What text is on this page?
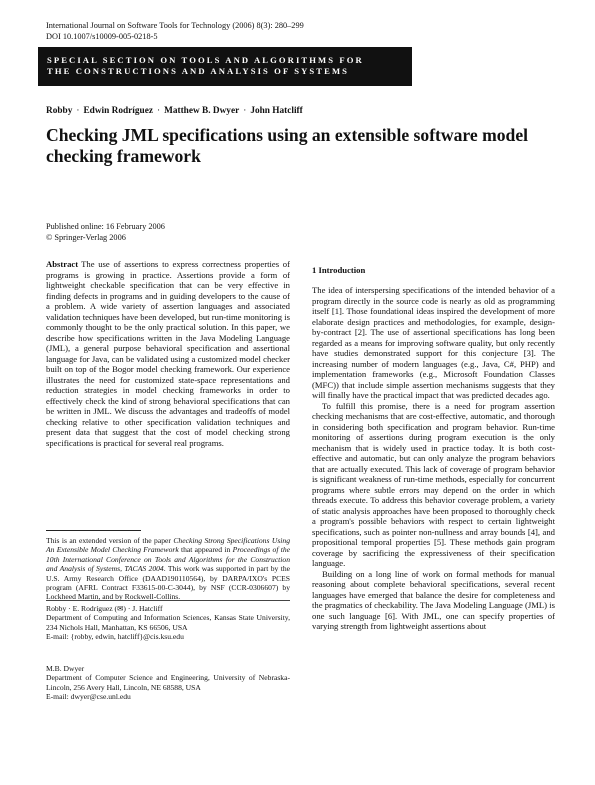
International Journal on Software Tools for Technology (2006) 8(3): 280–299
DOI 10.1007/s10009-005-0218-5
SPECIAL SECTION ON TOOLS AND ALGORITHMS FOR
THE CONSTRUCTIONS AND ANALYSIS OF SYSTEMS
Robby · Edwin Rodríguez · Matthew B. Dwyer · John Hatcliff
Checking JML specifications using an extensible software model checking framework
Published online: 16 February 2006
© Springer-Verlag 2006
Abstract The use of assertions to express correctness properties of programs is growing in practice. Assertions provide a form of lightweight checkable specification that can be very effective in finding defects in programs and in guiding developers to the cause of a problem. A wide variety of assertion languages and associated validation techniques have been developed, but run-time monitoring is commonly thought to be the only practical solution. In this paper, we describe how specifications written in the Java Modeling Language (JML), a general purpose behavioral specification and assertional language for Java, can be validated using a customized model checker built on top of the Bogor model checking framework. Our experience illustrates the need for customized state-space representations and reduction strategies in model checking frameworks in order to effectively check the kind of strong behavioral specifications that can be written in JML. We discuss the advantages and tradeoffs of model checking relative to other specification validation techniques and present data that suggest that the cost of model checking strong specifications is practical for several real programs.
This is an extended version of the paper Checking Strong Specifications Using An Extensible Model Checking Framework that appeared in Proceedings of the 10th International Conference on Tools and Algorithms for the Construction and Analysis of Systems, TACAS 2004. This work was supported in part by the U.S. Army Research Office (DAAD190110564), by DARPA/IXO's PCES program (AFRL Contract F33615-00-C-3044), by NSF (CCR-0306607) by Lockheed Martin, and by Rockwell-Collins.
Robby · E. Rodríguez (✉) · J. Hatcliff
Department of Computing and Information Sciences, Kansas State University, 234 Nichols Hall, Manhattan, KS 66506, USA
E-mail: {robby, edwin, hatcliff}@cis.ksu.edu
M.B. Dwyer
Department of Computer Science and Engineering, University of Nebraska-Lincoln, 256 Avery Hall, Lincoln, NE 68588, USA
E-mail: dwyer@cse.unl.edu
1 Introduction

The idea of interspersing specifications of the intended behavior of a program directly in the source code is nearly as old as programming itself [1]. Those foundational ideas inspired the development of more elaborate design practices and methodologies, for example, design-by-contract [2]. The use of assertional specifications has long been regarded as a means for improving software quality, but only recently have studies demonstrated support for this conjecture [3]. The increasing number of modern languages (e.g., Java, C#, PHP) and implementation frameworks (e.g., Microsoft Foundation Classes (MFC)) that include simple assertion mechanisms suggests that they will finally have the practical impact that was predicted decades ago.

To fulfill this promise, there is a need for program assertion checking mechanisms that are cost-effective, automatic, and thorough in considering both specification and program behavior. Run-time monitoring of assertions during program execution is the only mechanism that is widely used in practice today. It is both cost-effective and automatic, but can only analyze the program behaviors that are actually executed. This lack of coverage of program behavior is significant weakness of run-time methods, especially for concurrent programs where subtle errors may depend on the order in which threads execute. To address this behavior coverage problem, a variety of static analysis approaches have been proposed to thoroughly check a program's possible behaviors with respect to certain lightweight specifications, such as pointer non-nullness and array bounds [4], and propositional temporal properties [5]. These methods gain program coverage by sacrificing the expressiveness of their specification language.

Building on a long line of work on formal methods for manual reasoning about complete behavioral specifications, several recent languages have emerged that balance the desire for completeness and the pragmatics of checkability. The Java Modeling Language (JML) is one such language [6]. With JML, one can specify properties of varying strength from lightweight assertions about
